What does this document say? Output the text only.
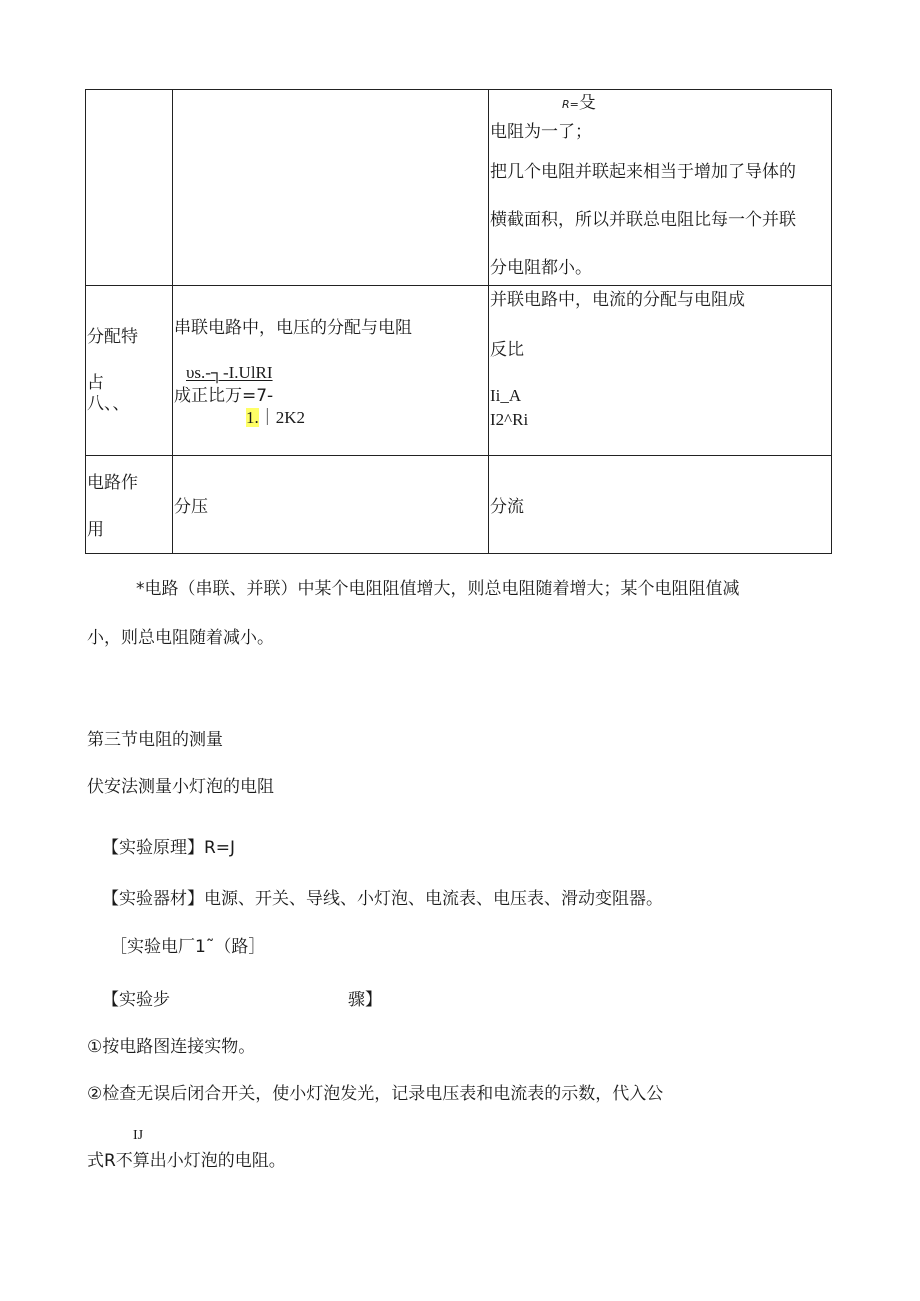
R=殳
电阻为一了；
把几个电阻并联起来相当于增加了导体的
横截面积，所以并联总电阻比每一个并联
分电阻都小。
分配特
占
八、、
串联电路中，电压的分配与电阻
υs.-┐-I.UlRI
成正比万=7-
1.｜2K2
并联电路中，电流的分配与电阻成
反比
Ii_A
I2^Ri
电路作
用
分压	分流
*电路（串联、并联）中某个电阻阻值增大，则总电阻随着增大；某个电阻阻值减
小，则总电阻随着减小。
第三节电阻的测量
伏安法测量小灯泡的电阻
【实验原理】R=J
【实验器材】电源、开关、导线、小灯泡、电流表、电压表、滑动变阻器。
［实验电厂1˜（路］
【实验步	骤】
①按电路图连接实物。
②检查无误后闭合开关，使小灯泡发光，记录电压表和电流表的示数，代入公
IJ
式R不算出小灯泡的电阻。
